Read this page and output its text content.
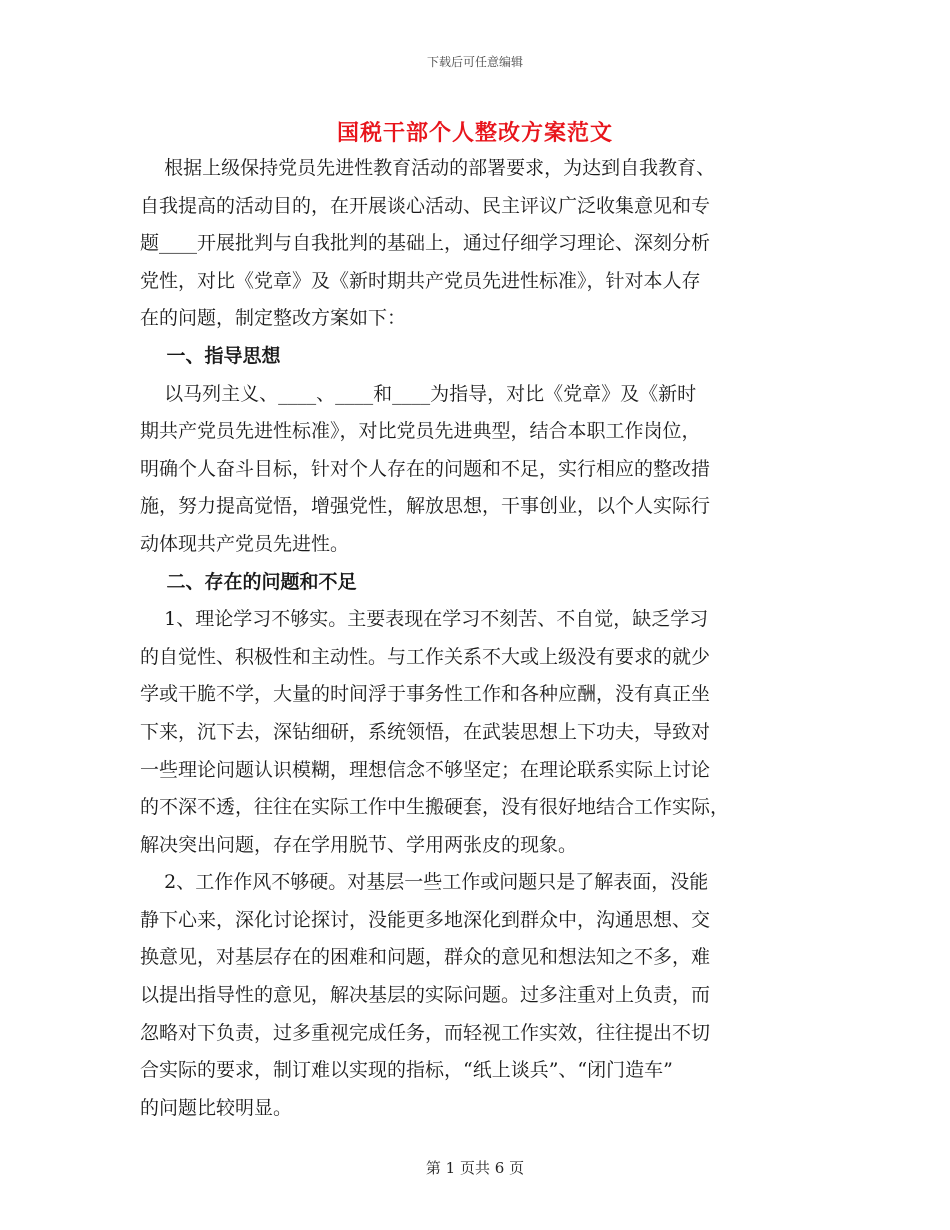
下载后可任意编辑
国税干部个人整改方案范文
根据上级保持党员先进性教育活动的部署要求，为达到自我教育、
自我提高的活动目的，在开展谈心活动、民主评议广泛收集意见和专
题____开展批判与自我批判的基础上，通过仔细学习理论、深刻分析
党性，对比《党章》及《新时期共产党员先进性标准》，针对本人存
在的问题，制定整改方案如下：
一、指导思想
以马列主义、____、____和____为指导，对比《党章》及《新时
期共产党员先进性标准》，对比党员先进典型，结合本职工作岗位，
明确个人奋斗目标，针对个人存在的问题和不足，实行相应的整改措
施，努力提高觉悟，增强党性，解放思想，干事创业，以个人实际行
动体现共产党员先进性。
二、存在的问题和不足
1、理论学习不够实。主要表现在学习不刻苦、不自觉，缺乏学习
的自觉性、积极性和主动性。与工作关系不大或上级没有要求的就少
学或干脆不学，大量的时间浮于事务性工作和各种应酬，没有真正坐
下来，沉下去，深钻细研，系统领悟，在武装思想上下功夫，导致对
一些理论问题认识模糊，理想信念不够坚定；在理论联系实际上讨论
的不深不透，往往在实际工作中生搬硬套，没有很好地结合工作实际，
解决突出问题，存在学用脱节、学用两张皮的现象。
2、工作作风不够硬。对基层一些工作或问题只是了解表面，没能
静下心来，深化讨论探讨，没能更多地深化到群众中，沟通思想、交
换意见，对基层存在的困难和问题，群众的意见和想法知之不多，难
以提出指导性的意见，解决基层的实际问题。过多注重对上负责，而
忽略对下负责，过多重视完成任务，而轻视工作实效，往往提出不切
合实际的要求，制订难以实现的指标，“纸上谈兵”、“闭门造车”
的问题比较明显。
第 1 页共 6 页
